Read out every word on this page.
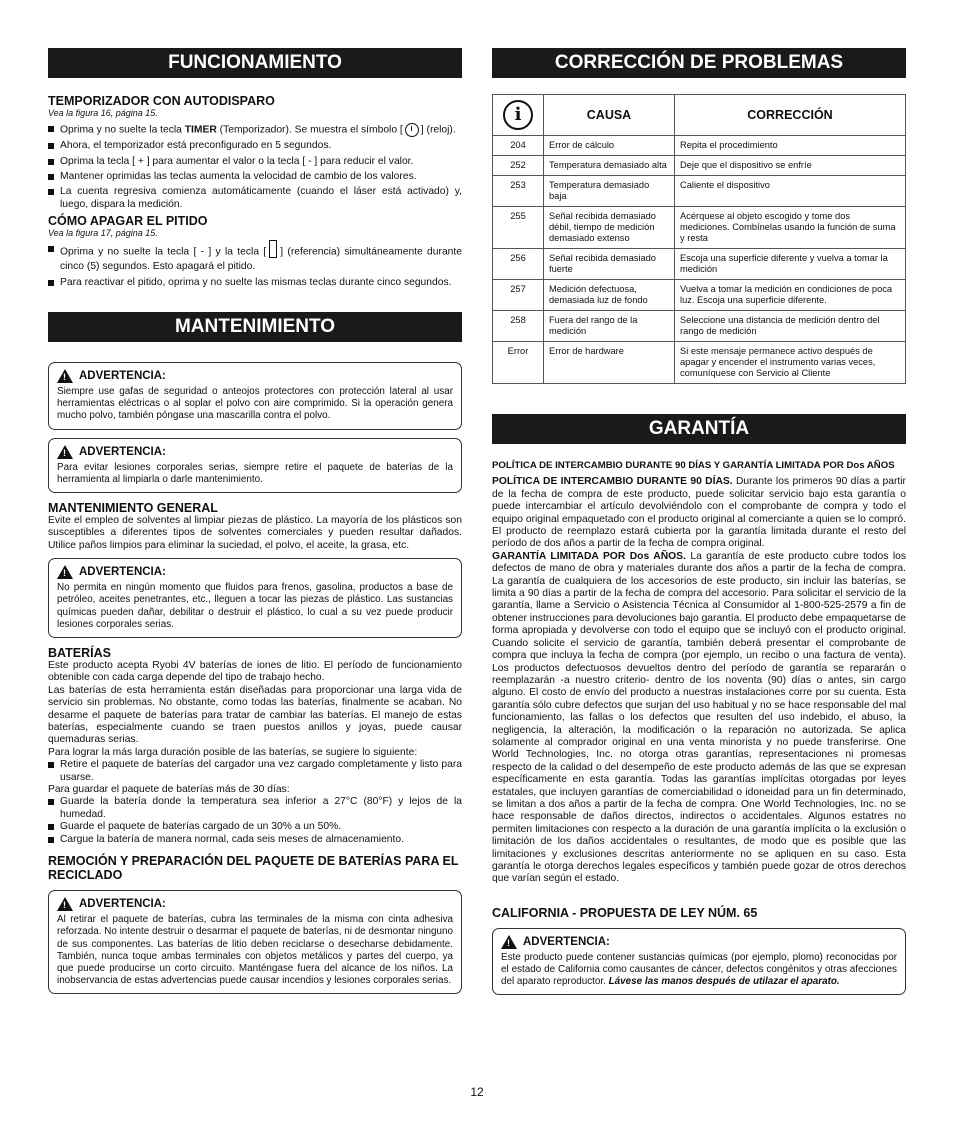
FUNCIONAMIENTO

TEMPORIZADOR CON AUTODISPARO

Vea la figura 16, página 15.

Oprima y no suelte la tecla TIMER (Temporizador). Se muestra el símbolo [ ] (reloj).
Ahora, el temporizador está preconfigurado en 5 segundos.
Oprima la tecla [ + ] para aumentar el valor o la tecla [ - ] para reducir el valor.
Mantener oprimidas las teclas aumenta la velocidad de cambio de los valores.
La cuenta regresiva comienza automáticamente (cuando el láser está activado) y, luego, dispara la medición.

CÓMO APAGAR EL PITIDO

Vea la figura 17, página 15.

Oprima y no suelte la tecla [ - ] y la tecla [ ] (referencia) simultáneamente durante cinco (5) segundos. Esto apagará el pitido.
Para reactivar el pitido, oprima y no suelte las mismas teclas durante cinco segundos.
MANTENIMIENTO
! ADVERTENCIA:

Siempre use gafas de seguridad o anteojos protectores con protección lateral al usar herramientas eléctricas o al soplar el polvo con aire comprimido. Si la operación genera mucho polvo, también póngase una mascarilla contra el polvo.

! ADVERTENCIA:

Para evitar lesiones corporales serias, siempre retire el paquete de baterías de la herramienta al limpiarla o darle mantenimiento.

MANTENIMIENTO GENERAL

Evite el empleo de solventes al limpiar piezas de plástico. La mayoría de los plásticos son susceptibles a diferentes tipos de solventes comerciales y pueden resultar dañados. Utilice paños limpios para eliminar la suciedad, el polvo, el aceite, la grasa, etc.

! ADVERTENCIA:

No permita en ningún momento que fluidos para frenos, gasolina, productos a base de petróleo, aceites penetrantes, etc., lleguen a tocar las piezas de plástico. Las sustancias químicas pueden dañar, debilitar o destruir el plástico, lo cual a su vez puede producir lesiones corporales serias.

BATERÍAS

Este producto acepta Ryobi 4V baterías de iones de litio. El período de funcionamiento obtenible con cada carga depende del tipo de trabajo hecho.

Las baterías de esta herramienta están diseñadas para proporcionar una larga vida de servicio sin problemas. No obstante, como todas las baterías, finalmente se acaban. No desarme el paquete de baterías para tratar de cambiar las baterías. El manejo de estas baterías, especialmente cuando se traen puestos anillos y joyas, puede causar quemaduras serias.

Para lograr la más larga duración posible de las baterías, se sugiere lo siguiente:

Retire el paquete de baterías del cargador una vez cargado completamente y listo para usarse.

Para guardar el paquete de baterías más de 30 días:

Guarde la batería donde la temperatura sea inferior a 27°C (80°F) y lejos de la humedad.
Guarde el paquete de baterías cargado de un 30% a un 50%.
Cargue la batería de manera normal, cada seis meses de almacenamiento.

REMOCIÓN Y PREPARACIÓN DEL PAQUETE DE BATERÍAS PARA EL RECICLADO

! ADVERTENCIA:

Al retirar el paquete de baterías, cubra las terminales de la misma con cinta adhesiva reforzada. No intente destruir o desarmar el paquete de baterías, ni de desmontar ninguno de sus componentes. Las baterías de litio deben reciclarse o desecharse debidamente. También, nunca toque ambas terminales con objetos metálicos y partes del cuerpo, ya que puede producirse un corto circuito. Manténgase fuera del alcance de los niños. La inobservancia de estas advertencias puede causar incendios y lesiones corporales serias.

CORRECCIÓN DE PROBLEMAS
i	CAUSA	CORRECCIÓN
204	Error de cálculo	Repita el procedimiento
252	Temperatura demasiado alta	Deje que el dispositivo se enfríe
253	Temperatura demasiado baja	Caliente el dispositivo
255	Señal recibida demasiado débil, tiempo de medición demasiado extenso	Acérquese al objeto escogido y tome dos mediciones. Combínelas usando la función de suma y resta
256	Señal recibida demasiado fuerte	Escoja una superficie diferente y vuelva a tomar la medición
257	Medición defectuosa, demasiada luz de fondo	Vuelva a tomar la medición en condiciones de poca luz. Escoja una superficie diferente.
258	Fuera del rango de la medición	Seleccione una distancia de medición dentro del rango de medición
Error	Error de hardware	Si este mensaje permanece activo después de apagar y encender el instrumento varias veces, comuníquese con Servicio al Cliente
GARANTÍA

POLÍTICA DE INTERCAMBIO DURANTE 90 DÍAS Y GARANTÍA LIMITADA POR Dos AÑOS

POLÍTICA DE INTERCAMBIO DURANTE 90 DÍAS. Durante los primeros 90 días a partir de la fecha de compra de este producto, puede solicitar servicio bajo esta garantía o puede intercambiar el artículo devolviéndolo con el comprobante de compra y todo el equipo original empaquetado con el producto original al comerciante a quien se lo compró. El producto de reemplazo estará cubierta por la garantía limitada durante el resto del período de dos años a partir de la fecha de compra original.

GARANTÍA LIMITADA POR Dos AÑOS. La garantía de este producto cubre todos los defectos de mano de obra y materiales durante dos años a partir de la fecha de compra. La garantía de cualquiera de los accesorios de este producto, sin incluir las baterías, se limita a 90 días a partir de la fecha de compra del accesorio. Para solicitar el servicio de la garantía, llame a Servicio o Asistencia Técnica al Consumidor al 1-800-525-2579 a fin de obtener instrucciones para devoluciones bajo garantía. El producto debe empaquetarse de forma apropiada y devolverse con todo el equipo que se incluyó con el producto original. Cuando solicite el servicio de garantía, también deberá presentar el comprobante de compra que incluya la fecha de compra (por ejemplo, un recibo o una factura de venta). Los productos defectuosos devueltos dentro del período de garantía se repararán o reemplazarán -a nuestro criterio- dentro de los noventa (90) días o antes, sin cargo alguno. El costo de envío del producto a nuestras instalaciones corre por su cuenta. Esta garantía sólo cubre defectos que surjan del uso habitual y no se hace responsable del mal funcionamiento, las fallas o los defectos que resulten del uso indebido, el abuso, la negligencia, la alteración, la modificación o la reparación no autorizada. Se aplica solamente al comprador original en una venta minorista y no puede transferirse. One World Technologies, Inc. no otorga otras garantías, representaciones ni promesas respecto de la calidad o del desempeño de este producto además de las que se expresan específicamente en esta garantía. Todas las garantías implícitas otorgadas por leyes estatales, que incluyen garantías de comerciabilidad o idoneidad para un fin determinado, se limitan a dos años a partir de la fecha de compra. One World Technologies, Inc. no se hace responsable de daños directos, indirectos o accidentales. Algunos estatres no permiten limitaciones con respecto a la duración de una garantía implícita o la exclusión o limitación de los daños accidentales o resultantes, de modo que es posible que las limitaciones y exclusiones descritas anteriormente no se apliquen en su caso. Esta garantía le otorga derechos legales específicos y también puede gozar de otros derechos que varían según el estado.

CALIFORNIA - PROPUESTA DE LEY NÚM. 65

! ADVERTENCIA:

Este producto puede contener sustancias químicas (por ejemplo, plomo) reconocidas por el estado de California como causantes de cáncer, defectos congénitos y otras afecciones del aparato reproductor. Lávese las manos después de utilazar el aparato.

12
